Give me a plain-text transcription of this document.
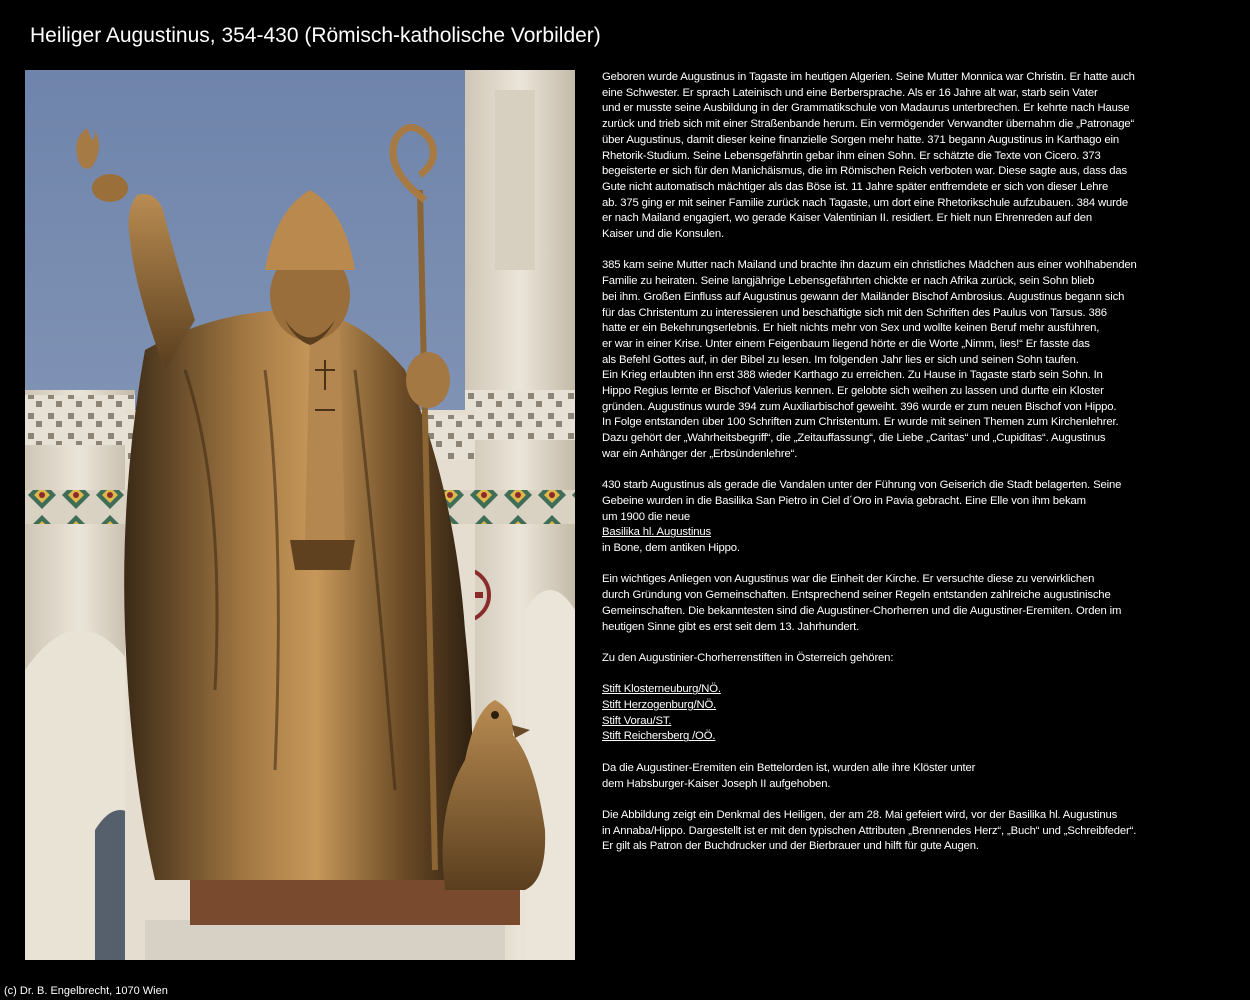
Heiliger Augustinus, 354-430 (Römisch-katholische Vorbilder)

Geboren wurde Augustinus in Tagaste im heutigen Algerien. Seine Mutter Monnica war Christin. Er hatte auch
eine Schwester. Er sprach Lateinisch und eine Berbersprache. Als er 16 Jahre alt war, starb sein Vater
und er musste seine Ausbildung in der Grammatikschule von Madaurus unterbrechen. Er kehrte nach Hause
zurück und trieb sich mit einer Straßenbande herum. Ein vermögender Verwandter übernahm die „Patronage“
über Augustinus, damit dieser keine finanzielle Sorgen mehr hatte. 371 begann Augustinus in Karthago ein
Rhetorik-Studium. Seine Lebensgefährtin gebar ihm einen Sohn. Er schätzte die Texte von Cicero. 373
begeisterte er sich für den Manichäismus, die im Römischen Reich verboten war. Diese sagte aus, dass das
Gute nicht automatisch mächtiger als das Böse ist. 11 Jahre später entfremdete er sich von dieser Lehre
ab. 375 ging er mit seiner Familie zurück nach Tagaste, um dort eine Rhetorikschule aufzubauen. 384 wurde
er nach Mailand engagiert, wo gerade Kaiser Valentinian II. residiert. Er hielt nun Ehrenreden auf den
Kaiser und die Konsulen.

385 kam seine Mutter nach Mailand und brachte ihn dazum ein christliches Mädchen aus einer wohlhabenden
Familie zu heiraten. Seine langjährige Lebensgefährten chickte er nach Afrika zurück, sein Sohn blieb
bei ihm. Großen Einfluss auf Augustinus gewann der Mailänder Bischof Ambrosius. Augustinus begann sich
für das Christentum zu interessieren und beschäftigte sich mit den Schriften des Paulus von Tarsus. 386
hatte er ein Bekehrungserlebnis. Er hielt nichts mehr von Sex und wollte keinen Beruf mehr ausführen,
er war in einer Krise. Unter einem Feigenbaum liegend hörte er die Worte „Nimm, lies!“ Er fasste das
als Befehl Gottes auf, in der Bibel zu lesen. Im folgenden Jahr lies er sich und seinen Sohn taufen.
Ein Krieg erlaubten ihn erst 388 wieder Karthago zu erreichen. Zu Hause in Tagaste starb sein Sohn. In
Hippo Regius lernte er Bischof Valerius kennen. Er gelobte sich weihen zu lassen und durfte ein Kloster
gründen. Augustinus wurde 394 zum Auxiliarbischof geweiht. 396 wurde er zum neuen Bischof von Hippo.
In Folge entstanden über 100 Schriften zum Christentum. Er wurde mit seinen Themen zum Kirchenlehrer.
Dazu gehört der „Wahrheitsbegriff“, die „Zeitauffassung“, die Liebe „Caritas“ und „Cupiditas“. Augustinus
war ein Anhänger der „Erbsündenlehre“.

430 starb Augustinus als gerade die Vandalen unter der Führung von Geiserich die Stadt belagerten. Seine
Gebeine wurden in die Basilika San Pietro in Ciel d´Oro in Pavia gebracht. Eine Elle von ihm bekam
um 1900 die neue
Basilika hl. Augustinus
in Bone, dem antiken Hippo.

Ein wichtiges Anliegen von Augustinus war die Einheit der Kirche. Er versuchte diese zu verwirklichen
durch Gründung von Gemeinschaften. Entsprechend seiner Regeln entstanden zahlreiche augustinische
Gemeinschaften. Die bekanntesten sind die Augustiner-Chorherren und die Augustiner-Eremiten. Orden im
heutigen Sinne gibt es erst seit dem 13. Jahrhundert.

Zu den Augustinier-Chorherrenstiften in Österreich gehören:

Stift Klosterneuburg/NÖ.
Stift Herzogenburg/NÖ.
Stift Vorau/ST.
Stift Reichersberg /OÖ.

Da die Augustiner-Eremiten ein Bettelorden ist, wurden alle ihre Klöster unter
dem Habsburger-Kaiser Joseph II aufgehoben.

Die Abbildung zeigt ein Denkmal des Heiligen, der am 28. Mai gefeiert wird, vor der Basilika hl. Augustinus
in Annaba/Hippo. Dargestellt ist er mit den typischen Attributen „Brennendes Herz“, „Buch“ und „Schreibfeder“.
Er gilt als Patron der Buchdrucker und der Bierbrauer und hilft für gute Augen.

(c) Dr. B. Engelbrecht, 1070 Wien
